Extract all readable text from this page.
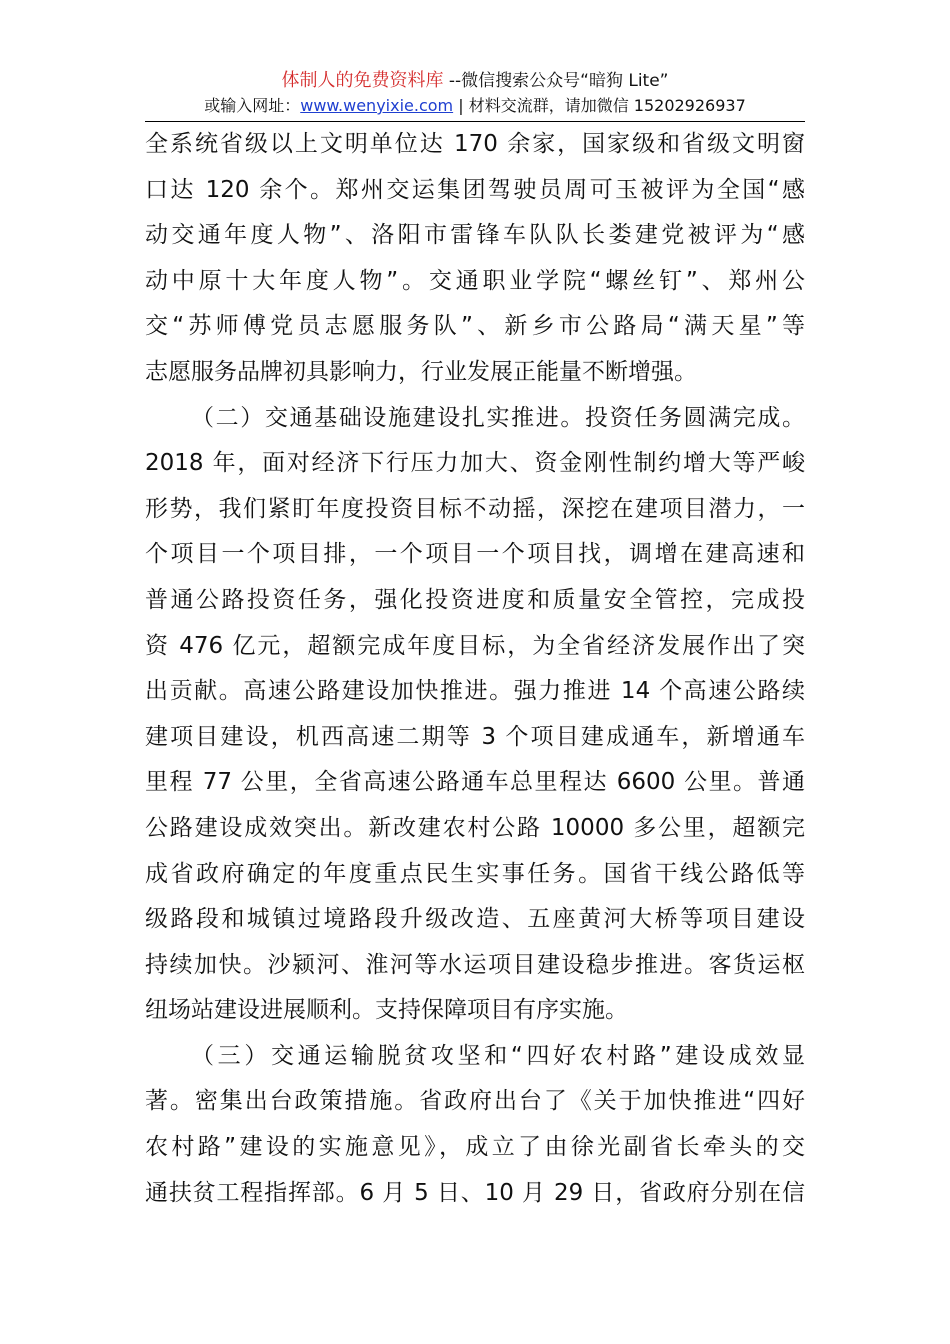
体制人的免费资料库 --微信搜索公众号“暗狗 Lite”
或输入网址：www.wenyixie.com | 材料交流群，请加微信 15202926937
全系统省级以上文明单位达 170 余家，国家级和省级文明窗
口达 120 余个。郑州交运集团驾驶员周可玉被评为全国“感
动交通年度人物”、洛阳市雷锋车队队长娄建党被评为“感
动中原十大年度人物”。交通职业学院“螺丝钉”、郑州公
交“苏师傅党员志愿服务队”、新乡市公路局“满天星”等
志愿服务品牌初具影响力，行业发展正能量不断增强。
（二）交通基础设施建设扎实推进。投资任务圆满完成。
2018 年，面对经济下行压力加大、资金刚性制约增大等严峻
形势，我们紧盯年度投资目标不动摇，深挖在建项目潜力，一
个项目一个项目排，一个项目一个项目找，调增在建高速和
普通公路投资任务，强化投资进度和质量安全管控，完成投
资 476 亿元，超额完成年度目标，为全省经济发展作出了突
出贡献。高速公路建设加快推进。强力推进 14 个高速公路续
建项目建设，机西高速二期等 3 个项目建成通车，新增通车
里程 77 公里，全省高速公路通车总里程达 6600 公里。普通
公路建设成效突出。新改建农村公路 10000 多公里，超额完
成省政府确定的年度重点民生实事任务。国省干线公路低等
级路段和城镇过境路段升级改造、五座黄河大桥等项目建设
持续加快。沙颍河、淮河等水运项目建设稳步推进。客货运枢
纽场站建设进展顺利。支持保障项目有序实施。
（三）交通运输脱贫攻坚和“四好农村路”建设成效显
著。密集出台政策措施。省政府出台了《关于加快推进“四好
农村路”建设的实施意见》，成立了由徐光副省长牵头的交
通扶贫工程指挥部。6 月 5 日、10 月 29 日，省政府分别在信
